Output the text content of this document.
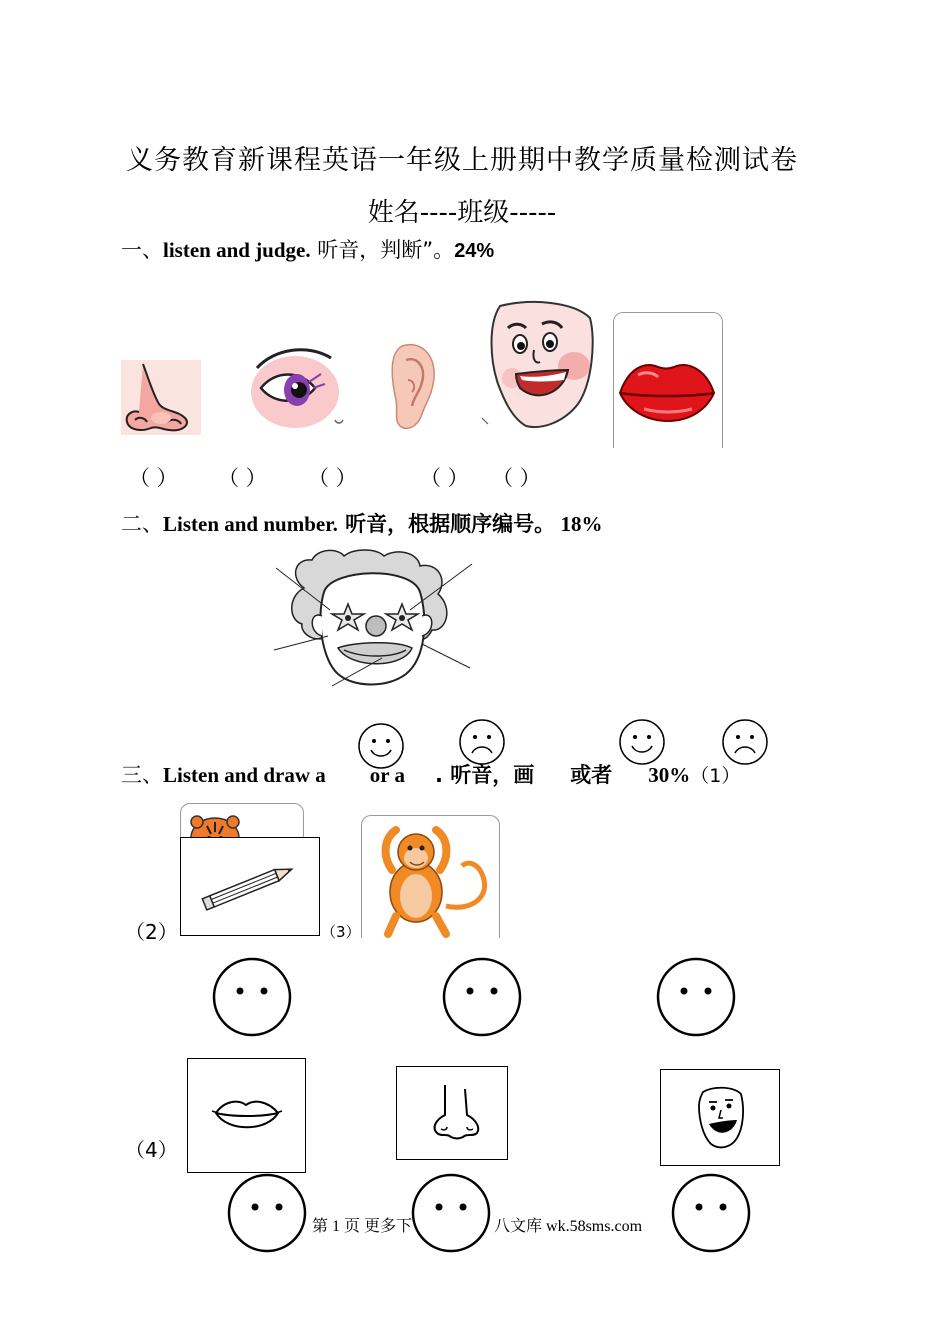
义务教育新课程英语一年级上册期中教学质量检测试卷
姓名----班级-----
一、listen and judge. 听音，判断”。24%
（ ） （ ） （ ）	（ ） （ ）
二、Listen and number. 听音，根据顺序编号。 18%
三、Listen and draw a or a . 听音，画 或者 30%（1）
（2）	（3）
（4）
第 1 页 更多下	八文库 wk.58sms.com
